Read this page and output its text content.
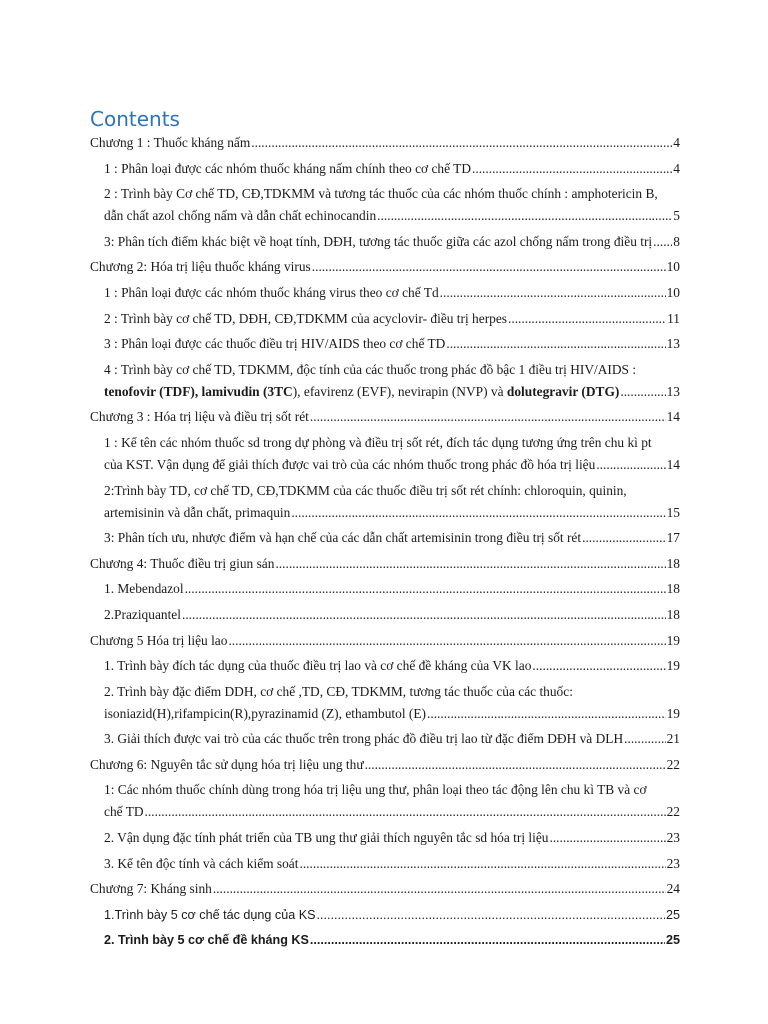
Contents
Chương 1 : Thuốc kháng nấm .....	4
1 : Phân loại được các nhóm thuốc kháng nấm chính theo cơ chế TD .....	4
2 : Trình bày Cơ chế TD, CĐ,TDKMM và tương tác thuốc của các nhóm thuốc chính : amphotericin B,
dẫn chất azol chống nấm và dẫn chất echinocandin .....	5
3: Phân tích điểm khác biệt về hoạt tính, DĐH, tương tác thuốc giữa các azol chống nấm trong điều trị ..... 8
Chương 2: Hóa trị liệu thuốc kháng virus .....	10
1 : Phân loại được các nhóm thuốc kháng virus theo cơ chế Td .....	10
2 : Trình bày cơ chế TD, DĐH, CĐ,TDKMM của acyclovir- điều trị herpes .....	11
3 : Phân loại được các thuốc điều trị HIV/AIDS theo cơ chế TD .....	13
4 : Trình bày cơ chế TD, TDKMM, độc tính của các thuốc trong phác đồ bậc 1 điều trị HIV/AIDS :
tenofovir (TDF), lamivudin (3TC), efavirenz (EVF), nevirapin (NVP) và dolutegravir (DTG) .....	13
Chương 3 : Hóa trị liệu và điều trị sốt rét .....	14
1 : Kể tên các nhóm thuốc sd trong dự phòng và điều trị sốt rét, đích tác dụng tương ứng trên chu kì pt
của KST. Vận dụng để giải thích được vai trò của các nhóm thuốc trong phác đồ hóa trị liệu .....	14
2:Trình bày TD, cơ chế TD, CĐ,TDKMM của các thuốc điều trị sốt rét chính: chloroquin, quinin,
artemisinin và dẫn chất, primaquin .....	15
3: Phân tích ưu, nhược điểm và hạn chế của các dẫn chất artemisinin trong điều trị sốt rét .....	17
Chương 4: Thuốc điều trị giun sán .....	18
1. Mebendazol .....	18
2.Praziquantel .....	18
Chương 5 Hóa trị liệu lao .....	19
1. Trình bày đích tác dụng của thuốc điều trị lao và cơ chế đề kháng của VK lao .....	19
2. Trình bày đặc điểm DDH, cơ chế ,TD, CĐ, TDKMM, tương tác thuốc của các thuốc:
isoniazid(H),rifampicin(R),pyrazinamid (Z), ethambutol (E) .....	19
3. Giải thích được vai trò của các thuốc trên trong phác đồ điều trị lao từ đặc điểm DĐH và DLH .....	21
Chương 6: Nguyên tắc sử dụng hóa trị liệu ung thư .....	22
1: Các nhóm thuốc chính dùng trong hóa trị liệu ung thư, phân loại theo tác động lên chu kì TB và cơ
chế TD .....	22
2. Vận dụng đặc tính phát triển của TB ung thư giải thích nguyên tắc sd hóa trị liệu .....	23
3. Kể tên độc tính và cách kiểm soát .....	23
Chương 7: Kháng sinh .....	24
1.Trình bày 5 cơ chế tác dụng của KS .....	25
2. Trình bày 5 cơ chế đề kháng KS .....	25
